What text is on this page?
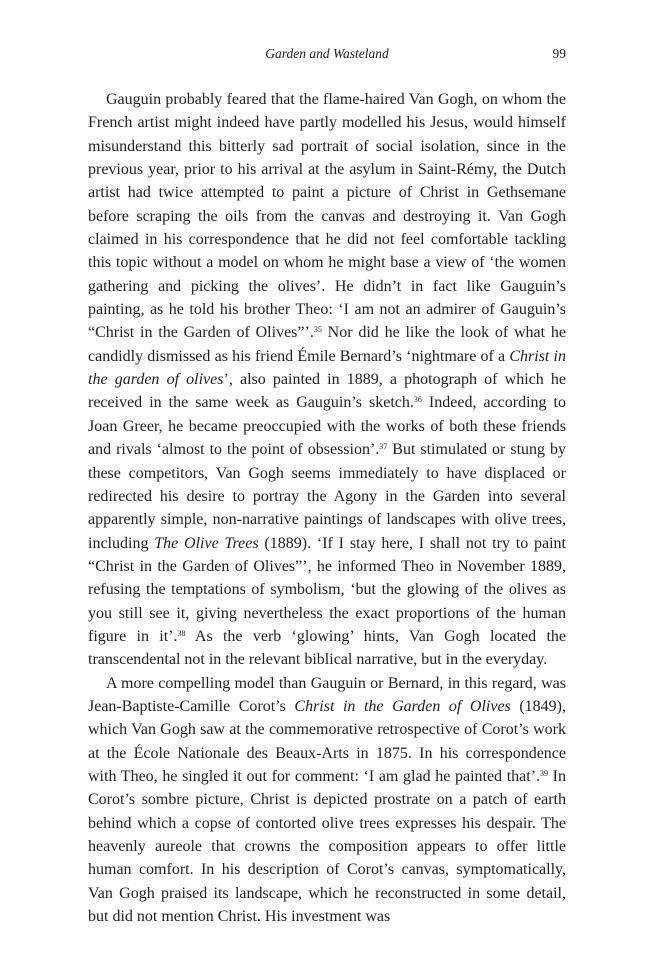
Garden and Wasteland	99

Gauguin probably feared that the flame-haired Van Gogh, on whom the French artist might indeed have partly modelled his Jesus, would himself misunderstand this bitterly sad portrait of social isolation, since in the previous year, prior to his arrival at the asylum in Saint-Rémy, the Dutch artist had twice attempted to paint a picture of Christ in Gethsemane before scraping the oils from the canvas and destroying it. Van Gogh claimed in his correspondence that he did not feel comfortable tackling this topic without a model on whom he might base a view of ‘the women gathering and picking the olives’. He didn’t in fact like Gauguin’s painting, as he told his brother Theo: ‘I am not an admirer of Gauguin’s “Christ in the Garden of Olives”’.$^{35}$ Nor did he like the look of what he candidly dismissed as his friend Émile Bernard’s ‘nightmare of a Christ in the garden of olives’, also painted in 1889, a photograph of which he received in the same week as Gauguin’s sketch.$^{36}$ Indeed, according to Joan Greer, he became preoccupied with the works of both these friends and rivals ‘almost to the point of obsession’.$^{37}$ But stimulated or stung by these competitors, Van Gogh seems immediately to have displaced or redirected his desire to portray the Agony in the Garden into several apparently simple, non-narrative paintings of landscapes with olive trees, including The Olive Trees (1889). ‘If I stay here, I shall not try to paint “Christ in the Garden of Olives”’, he informed Theo in November 1889, refusing the temptations of symbolism, ‘but the glowing of the olives as you still see it, giving nevertheless the exact proportions of the human figure in it’.$^{38}$ As the verb ‘glowing’ hints, Van Gogh located the transcendental not in the relevant biblical narrative, but in the everyday.

A more compelling model than Gauguin or Bernard, in this regard, was Jean-Baptiste-Camille Corot’s Christ in the Garden of Olives (1849), which Van Gogh saw at the commemorative retrospective of Corot’s work at the École Nationale des Beaux-Arts in 1875. In his correspondence with Theo, he singled it out for comment: ‘I am glad he painted that’.$^{39}$ In Corot’s sombre picture, Christ is depicted prostrate on a patch of earth behind which a copse of contorted olive trees expresses his despair. The heavenly aureole that crowns the composition appears to offer little human comfort. In his description of Corot’s canvas, symptomatically, Van Gogh praised its landscape, which he reconstructed in some detail, but did not mention Christ. His investment was
